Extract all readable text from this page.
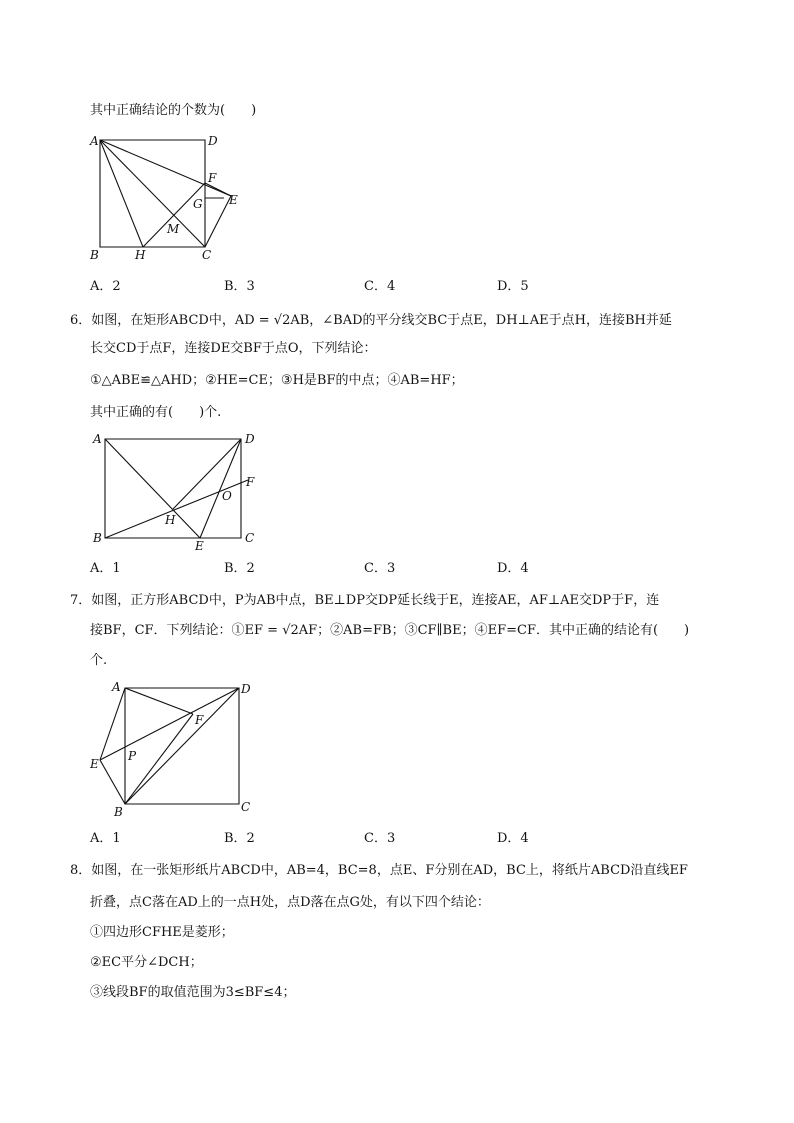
其中正确结论的个数为(　　)
A	D
F
G E
M
B	H	C
A．2	B．3	C．4	D．5
6．如图，在矩形ABCD中，AD = √2AB，∠BAD的平分线交BC于点E，DH⊥AE于点H，连接BH并延
长交CD于点F，连接DE交BF于点O，下列结论：
①△ABE≌△AHD；②HE=CE；③H是BF的中点；④AB=HF；
其中正确的有(　　)个.
A	D
F
O
H
B
E
C
A．1	B．2	C．3	D．4
7．如图，正方形ABCD中，P为AB中点，BE⊥DP交DP延长线于E，连接AE，AF⊥AE交DP于F，连
接BF，CF．下列结论：①EF = √2AF；②AB=FB；③CF∥BE；④EF=CF．其中正确的结论有(　　)
个.
A	D
F
P
E
B	C
A．1	B．2	C．3	D．4
8．如图，在一张矩形纸片ABCD中，AB=4，BC=8，点E、F分别在AD，BC上，将纸片ABCD沿直线EF
折叠，点C落在AD上的一点H处，点D落在点G处，有以下四个结论：
①四边形CFHE是菱形；
②EC平分∠DCH；
③线段BF的取值范围为3≤BF≤4；
